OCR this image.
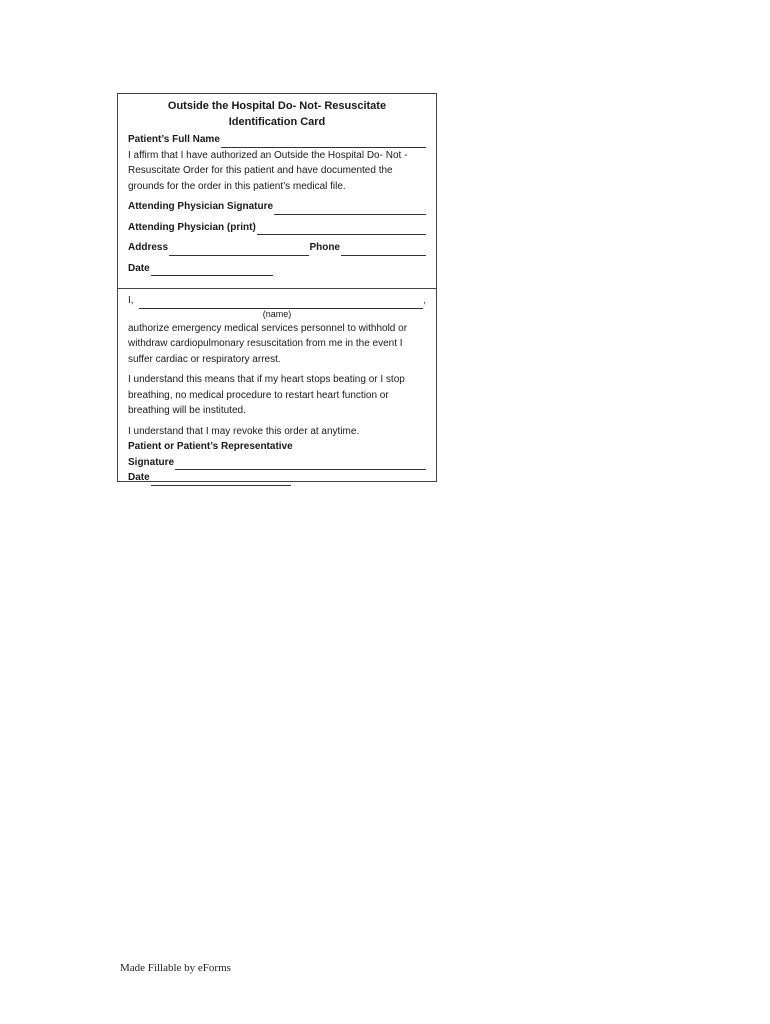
Outside the Hospital Do- Not- Resuscitate
Identification Card
Patient’s Full Name

I affirm that I have authorized an Outside the Hospital Do- Not -
Resuscitate Order for this patient and have documented the
grounds for the order in this patient’s medical file.

Attending Physician Signature
Attending Physician (print)
Address	Phone
Date
I,	,
(name)

authorize emergency medical services personnel to withhold or
withdraw cardiopulmonary resuscitation from me in the event I
suffer cardiac or respiratory arrest.

I understand this means that if my heart stops beating or I stop
breathing, no medical procedure to restart heart function or
breathing will be instituted.

I understand that I may revoke this order at anytime.

Patient or Patient’s Representative
Signature
Date
Made Fillable by eForms
